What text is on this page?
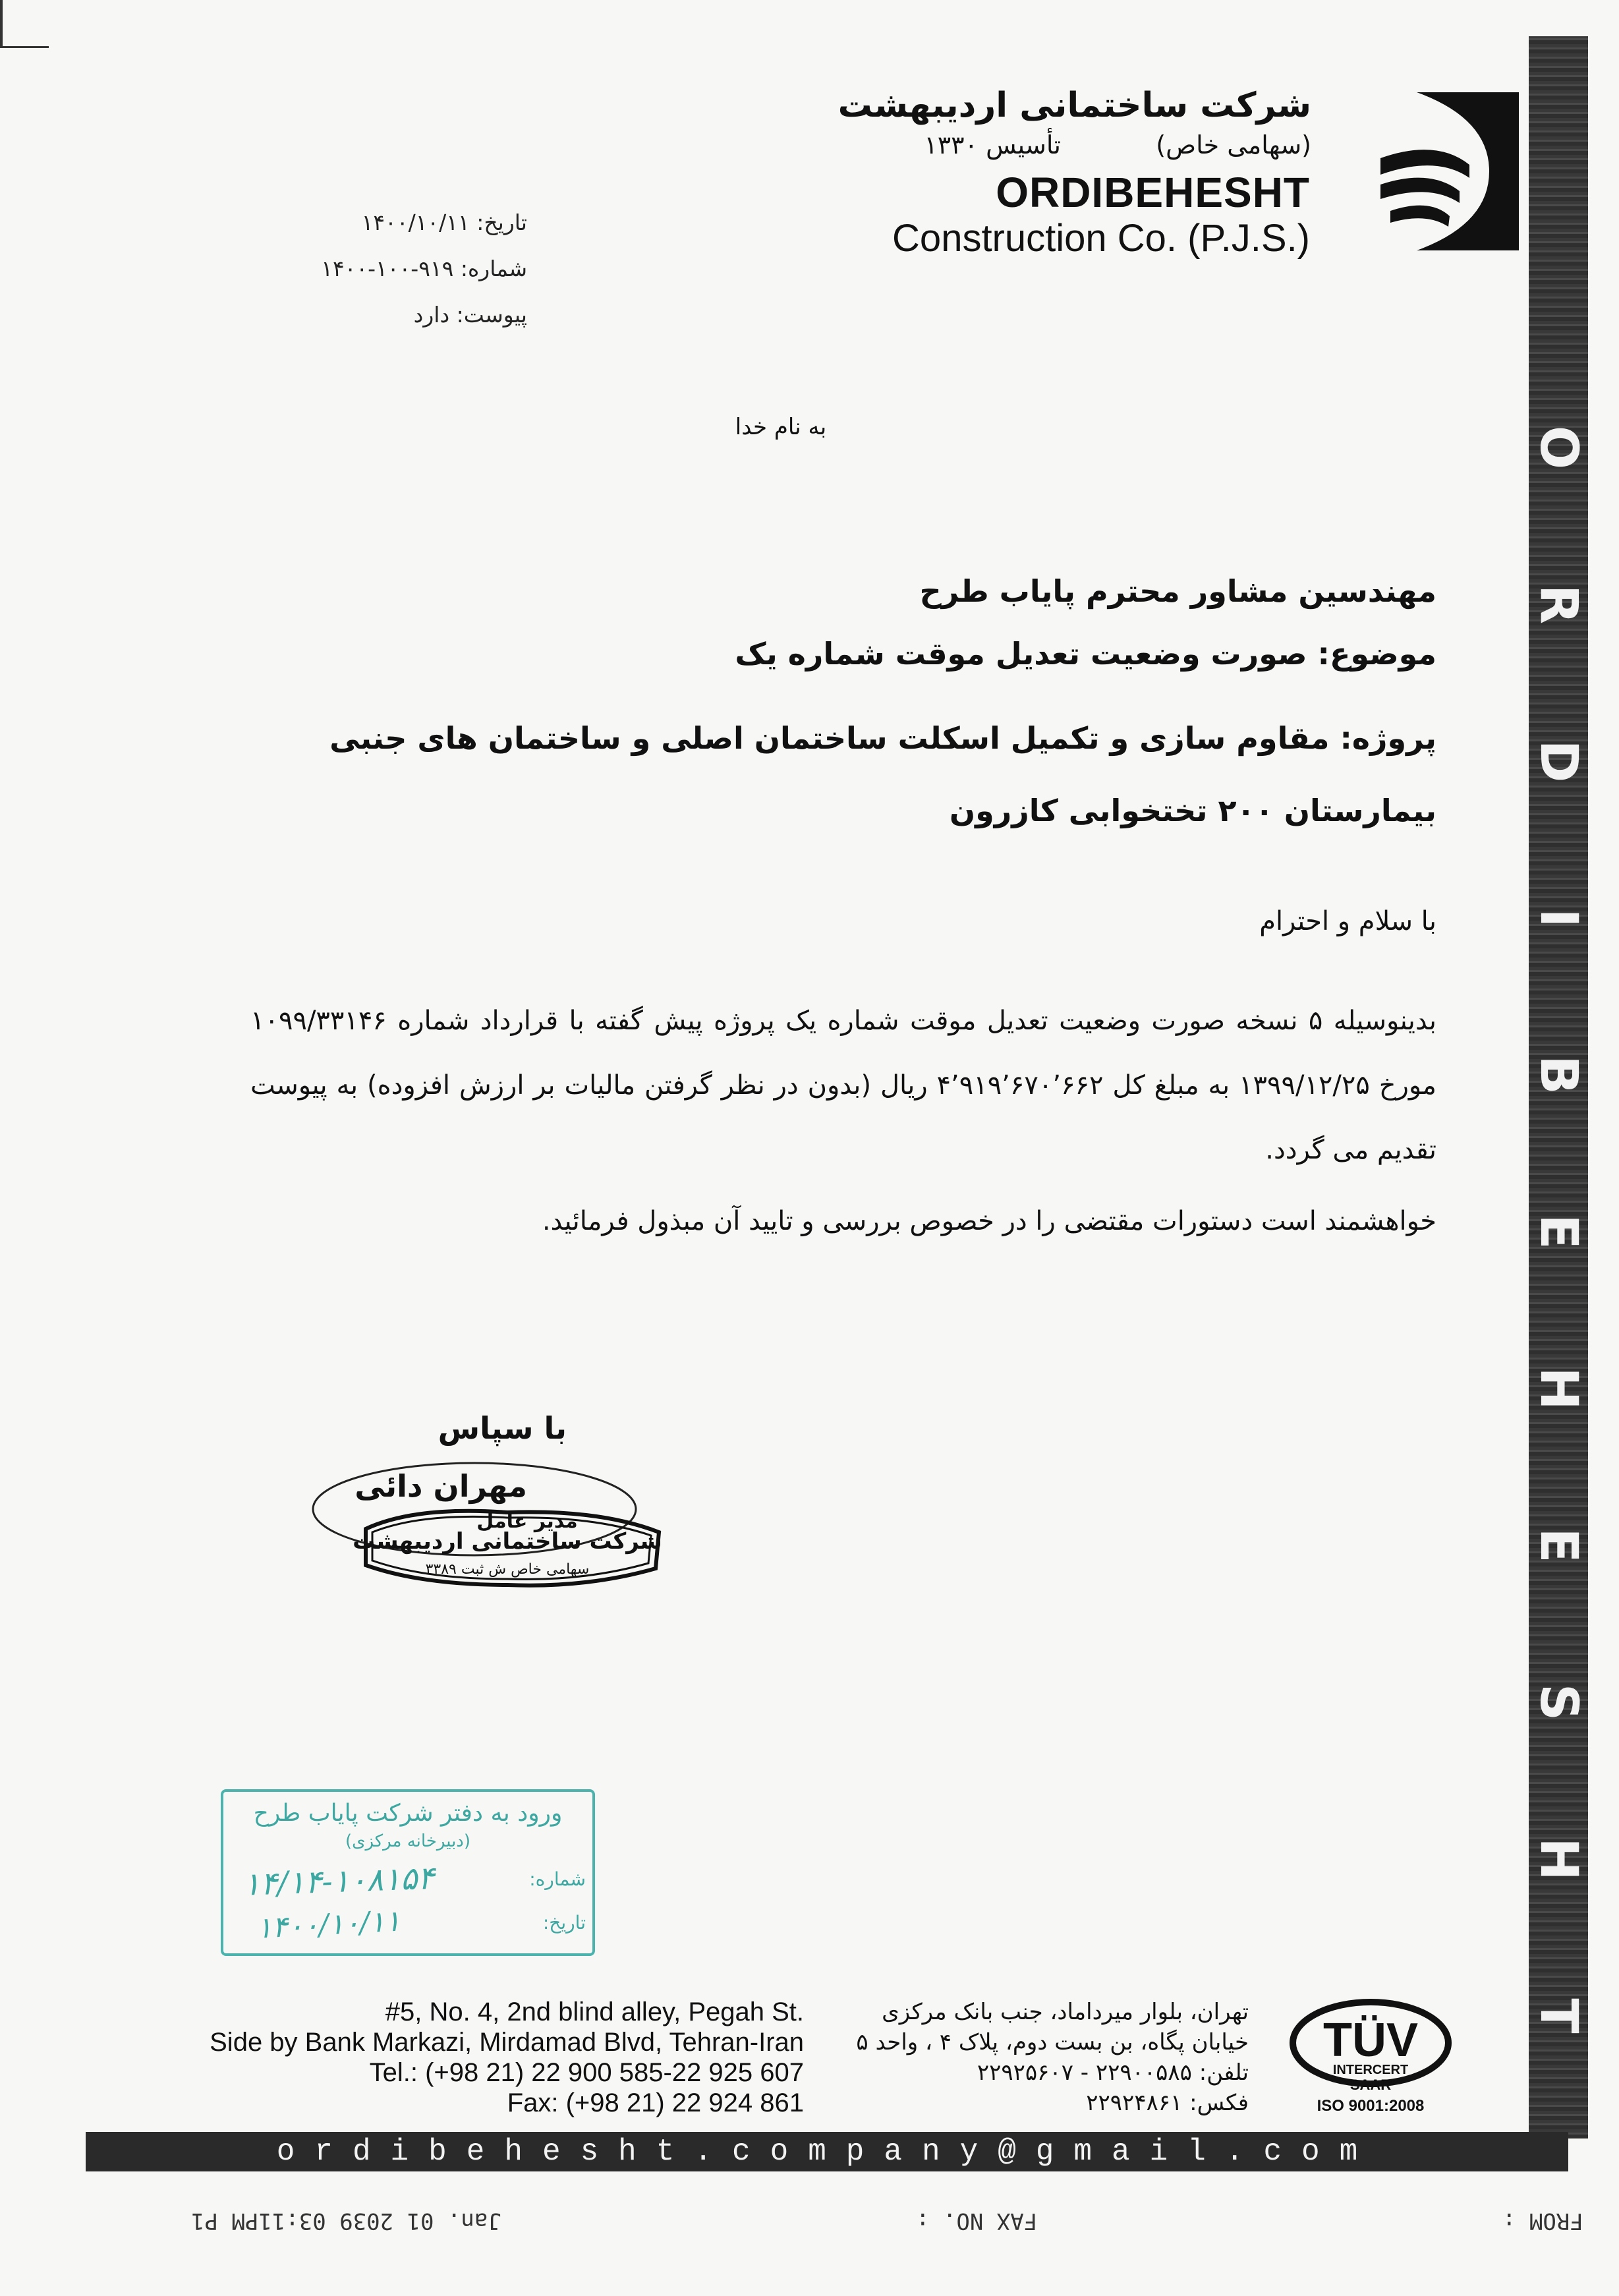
O
R
D
I
B
E
H
E
S
H
T
شرکت ساختمانی اردیبهشت
(سهامی خاص)
تأسیس ۱۳۳۰
ORDIBEHESHT
Construction Co. (P.J.S.)
تاریخ: ۱۴۰۰/۱۰/۱۱
شماره: ۹۱۹-۱۰۰-۱۴۰۰
پیوست: دارد
به نام خدا
مهندسین مشاور محترم پایاب طرح
موضوع: صورت وضعیت تعدیل موقت شماره یک
پروژه: مقاوم سازی و تکمیل اسکلت ساختمان اصلی و ساختمان های جنبی بیمارستان ۲۰۰ تختخوابی کازرون
با سلام و احترام
بدینوسیله ۵ نسخه صورت وضعیت تعدیل موقت شماره یک پروژه پیش گفته با قرارداد شماره ۱۰۹۹/۳۳۱۴۶ مورخ ۱۳۹۹/۱۲/۲۵ به مبلغ کل ۴٬۹۱۹٬۶۷۰٬۶۶۲ ریال (بدون در نظر گرفتن مالیات بر ارزش افزوده) به پیوست تقدیم می گردد.
خواهشمند است دستورات مقتضی را در خصوص بررسی و تایید آن مبذول فرمائید.
با سپاس
مهران دائی
شرکت ساختمانی اردیبهشت
سهامی خاص ش ثبت ۳۳۸۹
مدیر عامل
ورود به دفتر شرکت پایاب طرح
(دبیرخانه مرکزی)
شماره:
تاریخ:
۱۴/۱۴-۱۰۸۱۵۴
۱۴۰۰/۱۰/۱۱
#5, No. 4, 2nd blind alley, Pegah St.
Side by Bank Markazi, Mirdamad Blvd, Tehran-Iran
Tel.: (+98 21) 22 900 585-22 925 607
Fax: (+98 21) 22 924 861
تهران، بلوار میرداماد، جنب بانک مرکزی
خیابان پگاه، بن بست دوم، پلاک ۴ ، واحد ۵
تلفن: ۲۲۹۰۰۵۸۵ - ۲۲۹۲۵۶۰۷
فکس: ۲۲۹۲۴۸۶۱
TÜV
INTERCERT
SAAR
ISO 9001:2008
ordibehesht.company@gmail.com
Jan. 01 2039 03:11PM P1	FAX NO. :	FROM :
